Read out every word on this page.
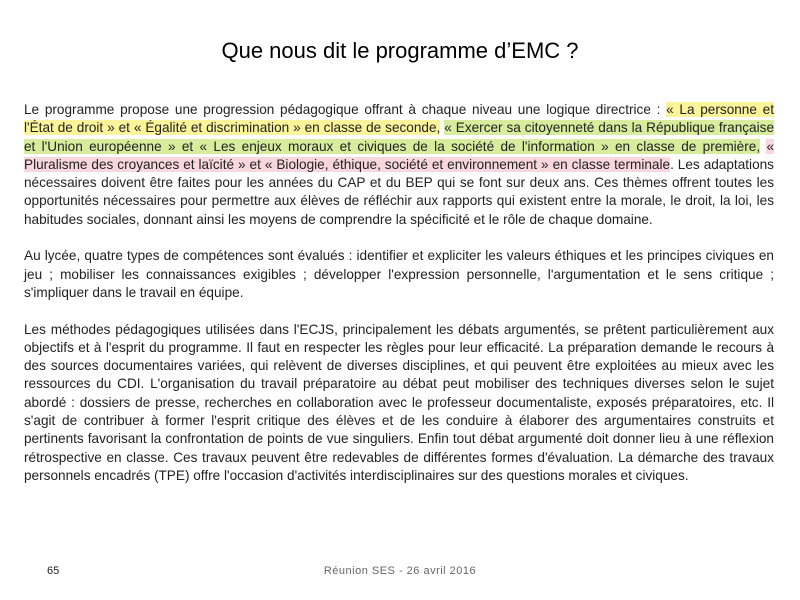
Que nous dit le programme d’EMC ?

Le programme propose une progression pédagogique offrant à chaque niveau une logique directrice : « La personne et l'État de droit » et « Égalité et discrimination » en classe de seconde, « Exercer sa citoyenneté dans la République française et l'Union européenne » et « Les enjeux moraux et civiques de la société de l'information » en classe de première, « Pluralisme des croyances et laïcité » et « Biologie, éthique, société et environnement » en classe terminale. Les adaptations nécessaires doivent être faites pour les années du CAP et du BEP qui se font sur deux ans. Ces thèmes offrent toutes les opportunités nécessaires pour permettre aux élèves de réfléchir aux rapports qui existent entre la morale, le droit, la loi, les habitudes sociales, donnant ainsi les moyens de comprendre la spécificité et le rôle de chaque domaine.

Au lycée, quatre types de compétences sont évalués : identifier et expliciter les valeurs éthiques et les principes civiques en jeu ; mobiliser les connaissances exigibles ; développer l'expression personnelle, l'argumentation et le sens critique ; s'impliquer dans le travail en équipe.

Les méthodes pédagogiques utilisées dans l'ECJS, principalement les débats argumentés, se prêtent particulièrement aux objectifs et à l'esprit du programme. Il faut en respecter les règles pour leur efficacité. La préparation demande le recours à des sources documentaires variées, qui relèvent de diverses disciplines, et qui peuvent être exploitées au mieux avec les ressources du CDI. L'organisation du travail préparatoire au débat peut mobiliser des techniques diverses selon le sujet abordé : dossiers de presse, recherches en collaboration avec le professeur documentaliste, exposés préparatoires, etc. Il s'agit de contribuer à former l'esprit critique des élèves et de les conduire à élaborer des argumentaires construits et pertinents favorisant la confrontation de points de vue singuliers. Enfin tout débat argumenté doit donner lieu à une réflexion rétrospective en classe. Ces travaux peuvent être redevables de différentes formes d'évaluation. La démarche des travaux personnels encadrés (TPE) offre l'occasion d'activités interdisciplinaires sur des questions morales et civiques.

65	Réunion SES - 26 avril 2016
